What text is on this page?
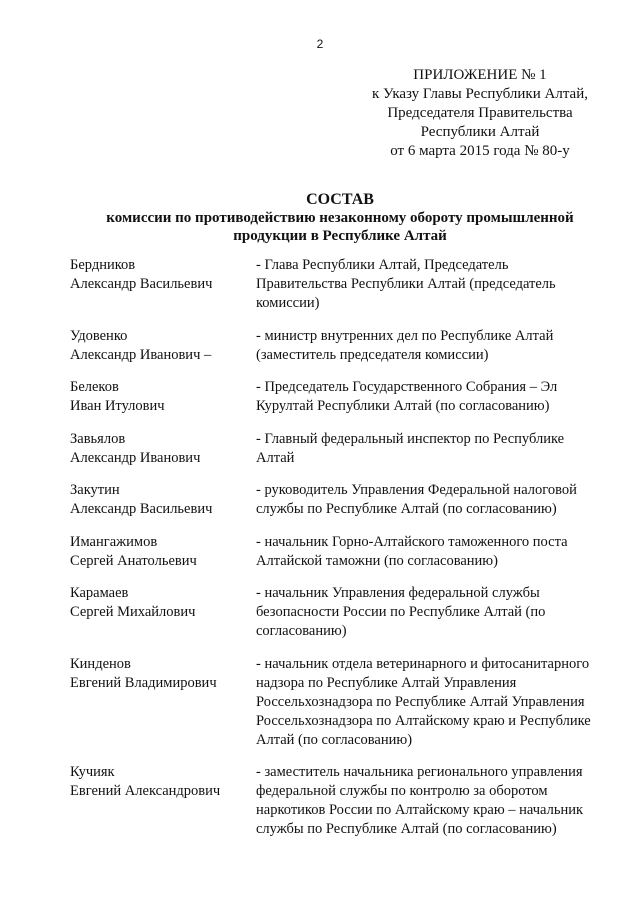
2
ПРИЛОЖЕНИЕ № 1
к Указу Главы Республики Алтай,
Председателя Правительства
Республики Алтай
от 6 марта 2015 года № 80-у
СОСТАВ
комиссии по противодействию незаконному обороту промышленной
продукции в Республике Алтай
Бердников
Александр Васильевич
- Глава Республики Алтай, Председатель
Правительства Республики Алтай (председатель
комиссии)
Удовенко
Александр Иванович –
- министр внутренних дел по Республике Алтай
(заместитель председателя комиссии)
Белеков
Иван Итулович
- Председатель Государственного Собрания – Эл
Курултай Республики Алтай (по согласованию)
Завьялов
Александр Иванович
- Главный федеральный инспектор по Республике
Алтай
Закутин
Александр Васильевич
- руководитель Управления Федеральной налоговой
службы по Республике Алтай (по согласованию)
Имангажимов
Сергей Анатольевич
- начальник Горно-Алтайского таможенного поста
Алтайской таможни (по согласованию)
Карамаев
Сергей Михайлович
- начальник Управления федеральной службы
безопасности России по Республике Алтай (по
согласованию)
Кинденов
Евгений Владимирович
- начальник отдела ветеринарного и фитосанитарного
надзора по Республике Алтай Управления
Россельхознадзора по Республике Алтай Управления
Россельхознадзора по Алтайскому краю и Республике
Алтай (по согласованию)
Кучияк
Евгений Александрович
- заместитель начальника регионального управления
федеральной службы по контролю за оборотом
наркотиков России по Алтайскому краю – начальник
службы по Республике Алтай (по согласованию)
